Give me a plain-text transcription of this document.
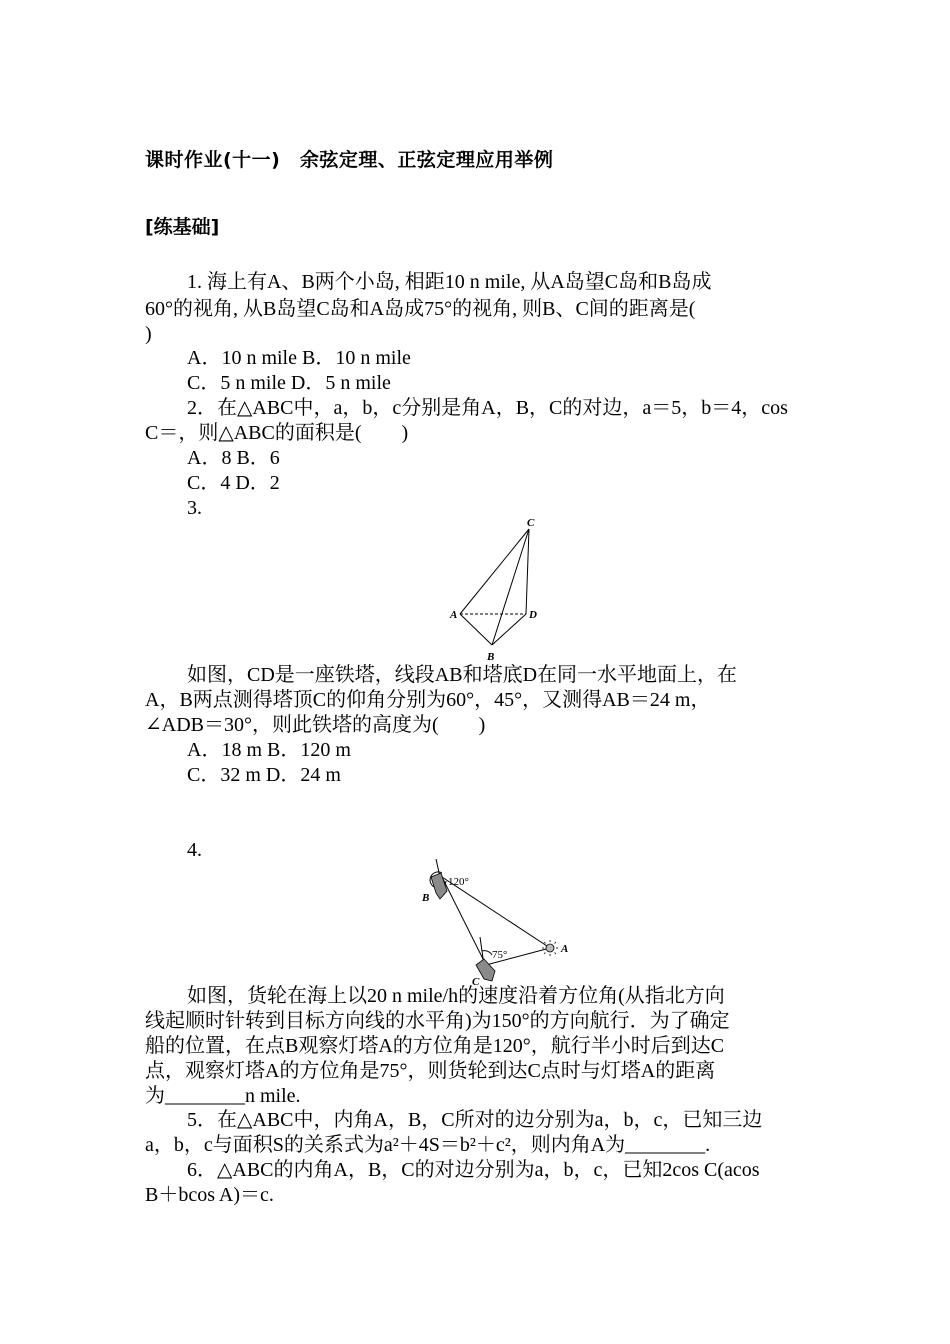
课时作业(十一)　余弦定理、正弦定理应用举例
[练基础]
1. 海上有A、B两个小岛, 相距10 n mile, 从A岛望C岛和B岛成
60°的视角, 从B岛望C岛和A岛成75°的视角, 则B、C间的距离是(
)
A．10 n mile B．10 n mile
C．5 n mile D．5 n mile
2．在△ABC中，a，b，c分别是角A，B，C的对边，a＝5，b＝4，cos
C＝，则△ABC的面积是(　　)
A．8 B．6
C．4 D．2
3.
C
A	D
B
如图，CD是一座铁塔，线段AB和塔底D在同一水平地面上，在
A，B两点测得塔顶C的仰角分别为60°，45°，又测得AB＝24 m，
∠ADB＝30°，则此铁塔的高度为(　　)
A．18 m B．120 m
C．32 m D．24 m
4.
120°
75°
B
C
A
如图，货轮在海上以20 n mile/h的速度沿着方位角(从指北方向
线起顺时针转到目标方向线的水平角)为150°的方向航行．为了确定
船的位置，在点B观察灯塔A的方位角是120°，航行半小时后到达C
点，观察灯塔A的方位角是75°，则货轮到达C点时与灯塔A的距离
为________n mile.
5．在△ABC中，内角A，B，C所对的边分别为a，b，c，已知三边
a，b，c与面积S的关系式为a²＋4S＝b²＋c²，则内角A为________.
6．△ABC的内角A，B，C的对边分别为a，b，c，已知2cos C(acos
B＋bcos A)＝c.
